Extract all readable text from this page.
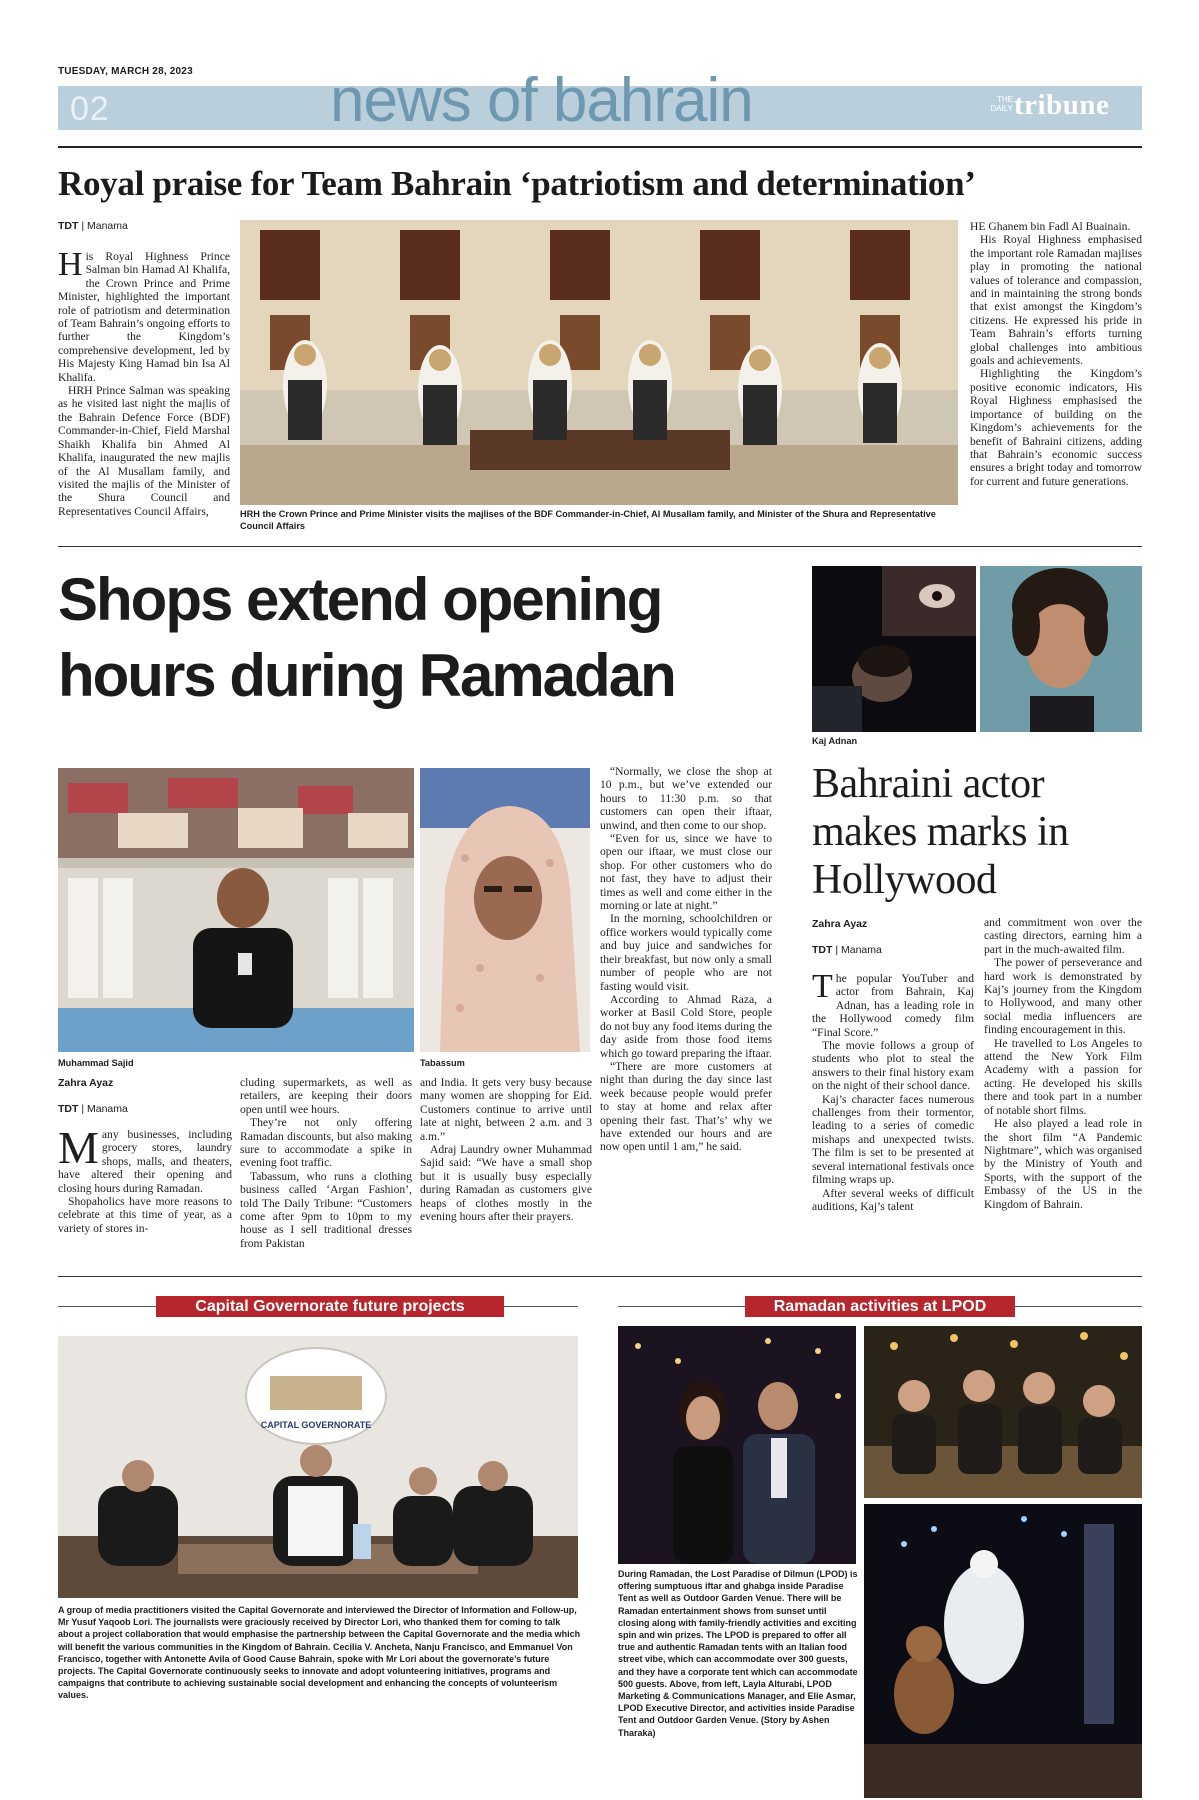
TUESDAY, MARCH 28, 2023
02	news of bahrain	THE DAILY tribune
Royal praise for Team Bahrain ‘patriotism and determination’
TDT | Manama

His Royal Highness Prince Salman bin Hamad Al Khalifa, the Crown Prince and Prime Minister, highlighted the important role of patriotism and determination of Team Bahrain’s ongoing efforts to further the Kingdom’s comprehensive development, led by His Majesty King Hamad bin Isa Al Khalifa.

HRH Prince Salman was speaking as he visited last night the majlis of the Bahrain Defence Force (BDF) Commander-in-Chief, Field Marshal Shaikh Khalifa bin Ahmed Al Khalifa, inaugurated the new majlis of the Al Musallam family, and visited the majlis of the Minister of the Shura Council and Representatives Council Affairs,	HRH the Crown Prince and Prime Minister visits the majlises of the BDF Commander-in-Chief, Al Musallam family, and Minister of the Shura and Representative Council Affairs

HE Ghanem bin Fadl Al Buainain.

His Royal Highness emphasised the important role Ramadan majlises play in promoting the national values of tolerance and compassion, and in maintaining the strong bonds that exist amongst the Kingdom’s citizens. He expressed his pride in Team Bahrain’s efforts turning global challenges into ambitious goals and achievements.

Highlighting the Kingdom’s positive economic indicators, His Royal Highness emphasised the importance of building on the Kingdom’s achievements for the benefit of Bahraini citizens, adding that Bahrain’s economic success ensures a bright today and tomorrow for current and future generations.

Shops extend opening hours during Ramadan
Muhammad Sajid	Tabassum
Zahra Ayaz
TDT | Manama

Many businesses, including grocery stores, laundry shops, malls, and theaters, have altered their opening and closing hours during Ramadan.

Shopaholics have more reasons to celebrate at this time of year, as a variety of stores in-

cluding supermarkets, as well as retailers, are keeping their doors open until wee hours.

They’re not only offering Ramadan discounts, but also making sure to accommodate a spike in evening foot traffic.

Tabassum, who runs a clothing business called ‘Argan Fashion’, told The Daily Tribune: “Customers come after 9pm to 10pm to my house as I sell traditional dresses from Pakistan

and India. It gets very busy because many women are shopping for Eid. Customers continue to arrive until late at night, between 2 a.m. and 3 a.m.”

Adraj Laundry owner Muhammad Sajid said: “We have a small shop but it is usually busy especially during Ramadan as customers give heaps of clothes mostly in the evening hours after their prayers.

“Normally, we close the shop at 10 p.m., but we’ve extended our hours to 11:30 p.m. so that customers can open their iftaar, unwind, and then come to our shop.

“Even for us, since we have to open our iftaar, we must close our shop. For other customers who do not fast, they have to adjust their times as well and come either in the morning or late at night.”

In the morning, schoolchildren or office workers would typically come and buy juice and sandwiches for their breakfast, but now only a small number of people who are not fasting would visit.

According to Ahmad Raza, a worker at Basil Cold Store, people do not buy any food items during the day aside from those food items which go toward preparing the iftaar.

“There are more customers at night than during the day since last week because people would prefer to stay at home and relax after opening their fast. That’s’ why we have extended our hours and are now open until 1 am,” he said.

Kaj Adnan
Bahraini actor makes marks in Hollywood
Zahra Ayaz
TDT | Manama

The popular YouTuber and actor from Bahrain, Kaj Adnan, has a leading role in the Hollywood comedy film “Final Score.”

The movie follows a group of students who plot to steal the answers to their final history exam on the night of their school dance.

Kaj’s character faces numerous challenges from their tormentor, leading to a series of comedic mishaps and unexpected twists. The film is set to be presented at several international festivals once filming wraps up.

After several weeks of difficult auditions, Kaj’s talent

and commitment won over the casting directors, earning him a part in the much-awaited film.

The power of perseverance and hard work is demonstrated by Kaj’s journey from the Kingdom to Hollywood, and many other social media influencers are finding encouragement in this.

He travelled to Los Angeles to attend the New York Film Academy with a passion for acting. He developed his skills there and took part in a number of notable short films.

He also played a lead role in the short film “A Pandemic Nightmare”, which was organised by the Ministry of Youth and Sports, with the support of the Embassy of the US in the Kingdom of Bahrain.

Capital Governorate future projects
CAPITAL GOVERNORATE
A group of media practitioners visited the Capital Governorate and interviewed the Director of Information and Follow-up, Mr Yusuf Yaqoob Lori. The journalists were graciously received by Director Lori, who thanked them for coming to talk about a project collaboration that would emphasise the partnership between the Capital Governorate and the media which will benefit the various communities in the Kingdom of Bahrain. Cecilia V. Ancheta, Nanju Francisco, and Emmanuel Von Francisco, together with Antonette Avila of Good Cause Bahrain, spoke with Mr Lori about the governorate’s future projects. The Capital Governorate continuously seeks to innovate and adopt volunteering initiatives, programs and campaigns that contribute to achieving sustainable social development and enhancing the concepts of volunteerism values.
Ramadan activities at LPOD
During Ramadan, the Lost Paradise of Dilmun (LPOD) is offering sumptuous iftar and ghabga inside Paradise Tent as well as Outdoor Garden Venue. There will be Ramadan entertainment shows from sunset until closing along with family-friendly activities and exciting spin and win prizes. The LPOD is prepared to offer all true and authentic Ramadan tents with an Italian food street vibe, which can accommodate over 300 guests, and they have a corporate tent which can accommodate 500 guests. Above, from left, Layla Alturabi, LPOD Marketing & Communications Manager, and Elie Asmar, LPOD Executive Director, and activities inside Paradise Tent and Outdoor Garden Venue. (Story by Ashen Tharaka)
